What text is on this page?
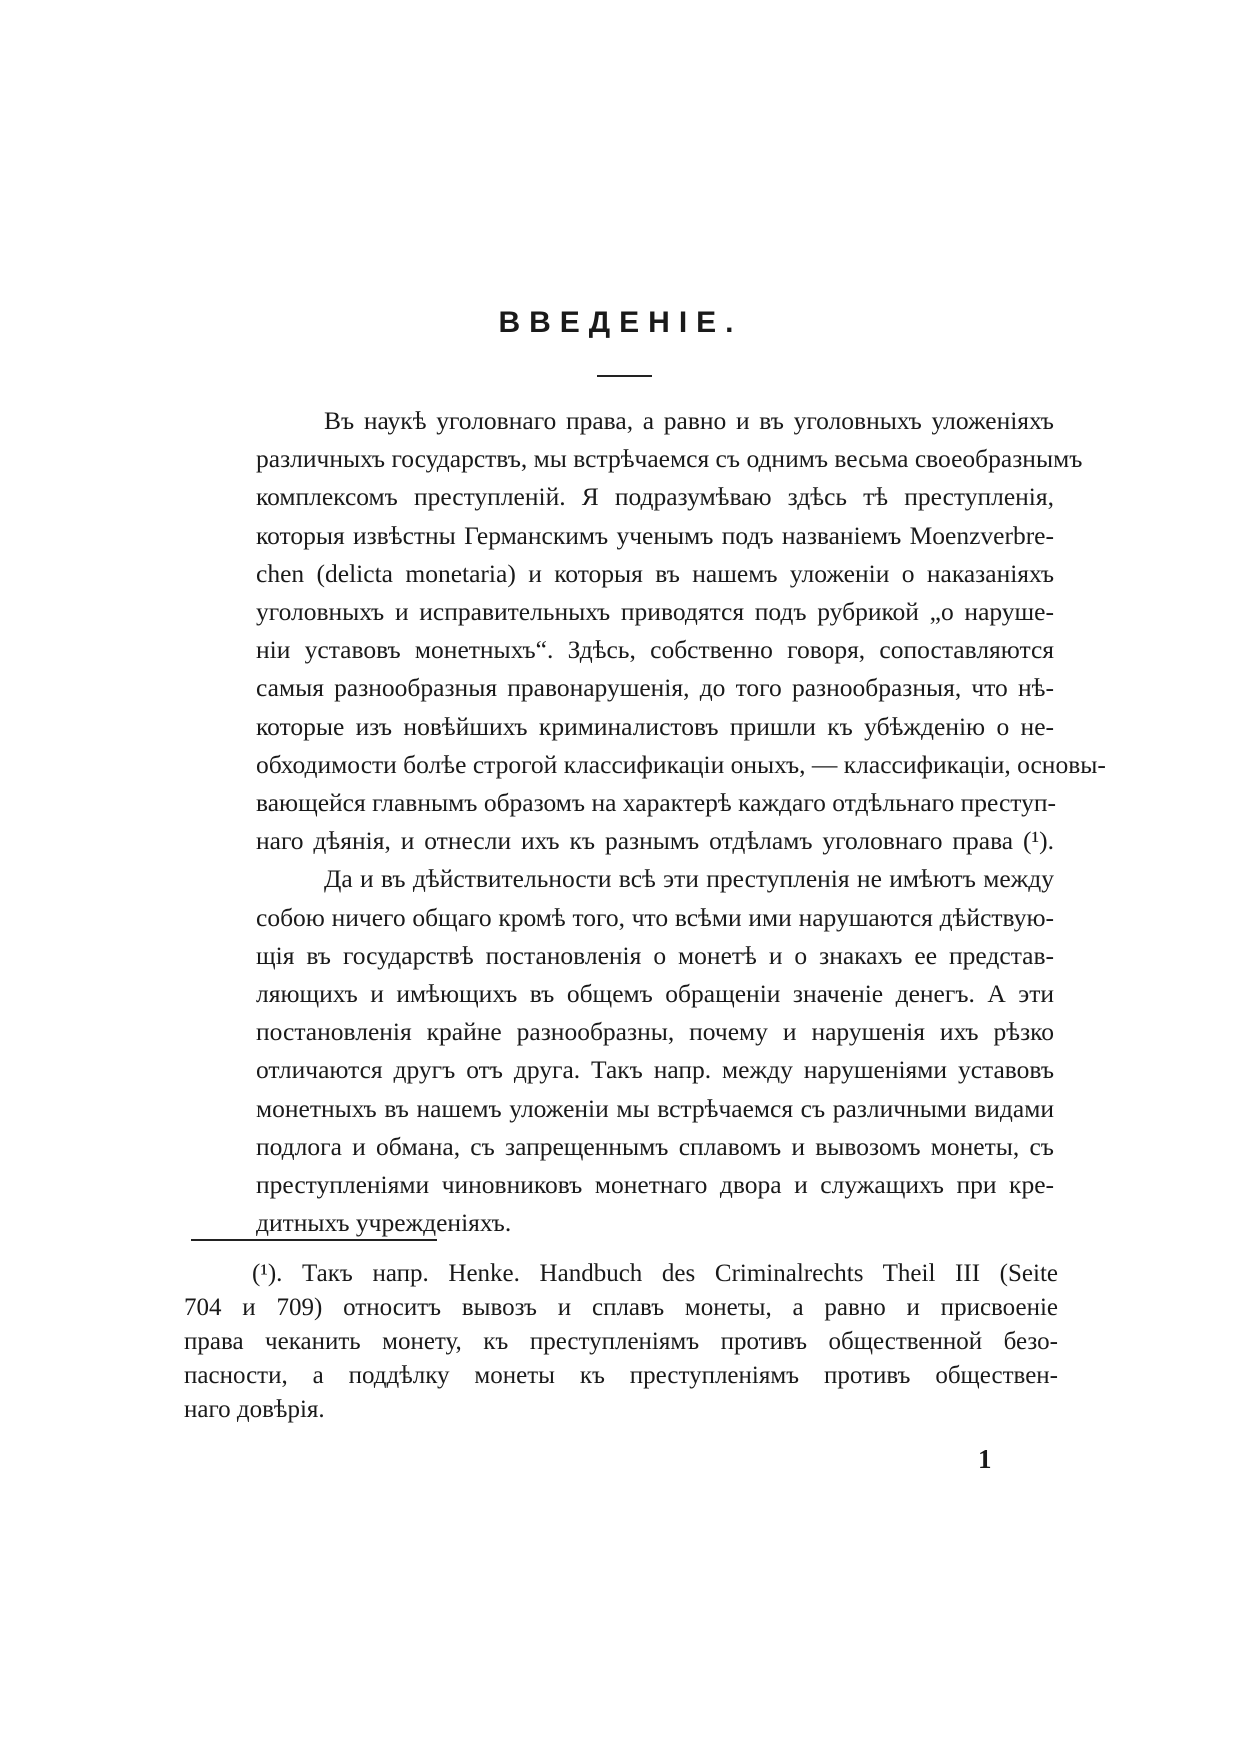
ВВЕДЕНIЕ.
Въ наукѣ уголовнаго права, а равно и въ уголовныхъ уложенiяхъ
различныхъ государствъ, мы встрѣчаемся съ однимъ весьма своеобразнымъ
комплексомъ преступленiй. Я подразумѣваю здѣсь тѣ преступленiя,
которыя извѣстны Германскимъ ученымъ подъ названiемъ Moenzverbre-
chen (delicta monetaria) и которыя въ нашемъ уложенiи о наказанiяхъ
уголовныхъ и исправительныхъ приводятся подъ рубрикой „о наруше-
нiи уставовъ монетныхъ“. Здѣсь, собственно говоря, сопоставляются
самыя разнообразныя правонарушенiя, до того разнообразныя, что нѣ-
которые изъ новѣйшихъ криминалистовъ пришли къ убѣжденiю о не-
обходимости болѣе строгой классификацiи оныхъ, — классификацiи, основы-
вающейся главнымъ образомъ на характерѣ каждаго отдѣльнаго преступ-
наго дѣянiя, и отнесли ихъ къ разнымъ отдѣламъ уголовнаго права (¹).
Да и въ дѣйствительности всѣ эти преступленiя не имѣютъ между
собою ничего общаго кромѣ того, что всѣми ими нарушаются дѣйствую-
щiя въ государствѣ постановленiя о монетѣ и о знакахъ ее представ-
ляющихъ и имѣющихъ въ общемъ обращенiи значенiе денегъ. А эти
постановленiя крайне разнообразны, почему и нарушенiя ихъ рѣзко
отличаются другъ отъ друга. Такъ напр. между нарушенiями уставовъ
монетныхъ въ нашемъ уложенiи мы встрѣчаемся съ различными видами
подлога и обмана, съ запрещеннымъ сплавомъ и вывозомъ монеты, съ
преступленiями чиновниковъ монетнаго двора и служащихъ при кре-
дитныхъ учрежденiяхъ.
(¹). Такъ напр. Henke. Handbuch des Criminalrechts Theil III (Seite
704 и 709) относитъ вывозъ и сплавъ монеты, а равно и присвоенiе
права чеканить монету, къ преступленiямъ противъ общественной безо-
пасности, а поддѣлку монеты къ преступленiямъ противъ обществен-
наго довѣрiя.
1
